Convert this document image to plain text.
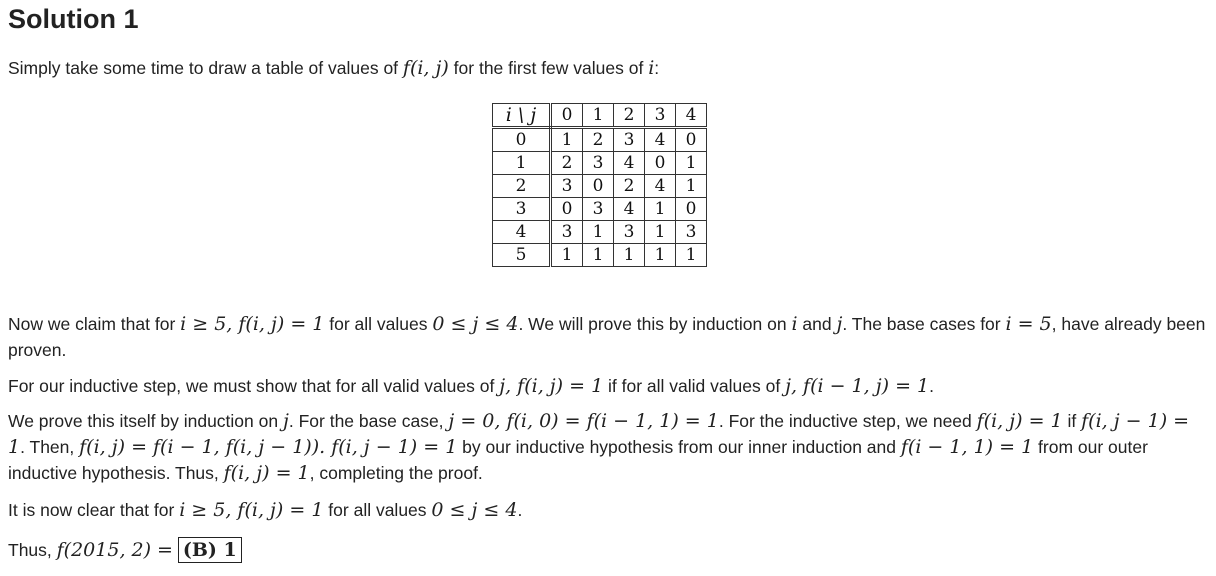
Solution 1

Simply take some time to draw a table of values of f(i, j) for the first few values of i:

i \ j	0	1	2	3	4
0	1	2	3	4	0
1	2	3	4	0	1
2	3	0	2	4	1
3	0	3	4	1	0
4	3	1	3	1	3
5	1	1	1	1	1

Now we claim that for i ≥ 5, f(i, j) = 1 for all values 0 ≤ j ≤ 4. We will prove this by induction on i and j. The base cases for i = 5, have already been proven.

For our inductive step, we must show that for all valid values of j, f(i, j) = 1 if for all valid values of j, f(i − 1, j) = 1.

We prove this itself by induction on j. For the base case, j = 0, f(i, 0) = f(i − 1, 1) = 1. For the inductive step, we need f(i, j) = 1 if f(i, j − 1) = 1. Then, f(i, j) = f(i − 1, f(i, j − 1)). f(i, j − 1) = 1 by our inductive hypothesis from our inner induction and f(i − 1, 1) = 1 from our outer inductive hypothesis. Thus, f(i, j) = 1, completing the proof.

It is now clear that for i ≥ 5, f(i, j) = 1 for all values 0 ≤ j ≤ 4.

Thus, f(2015, 2) = (B) 1
